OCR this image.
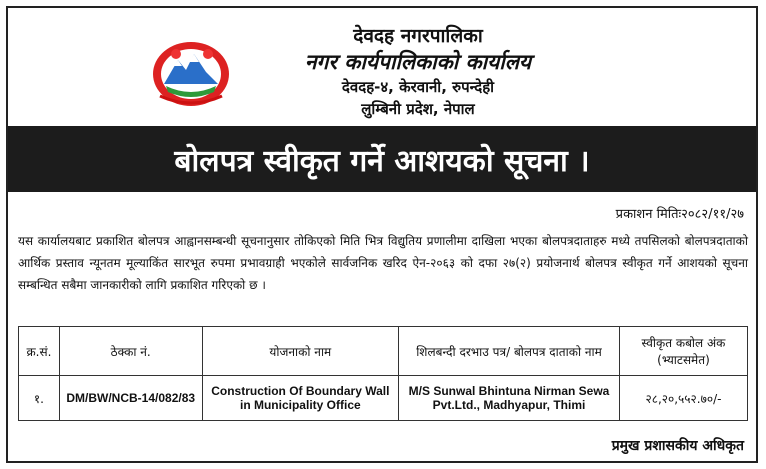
देवदह नगरपालिका
नगर कार्यपालिकाको कार्यालय
देवदह-४, केरवानी, रुपन्देही
लुम्बिनी प्रदेश, नेपाल
बोलपत्र स्वीकृत गर्ने आशयको सूचना ।
प्रकाशन मितिः२०८२/११/२७
यस कार्यालयबाट प्रकाशित बोलपत्र आह्वानसम्बन्धी सूचनानुसार तोकिएको मिति भित्र विद्युतिय प्रणालीमा दाखिला भएका बोलपत्रदाताहरु मध्ये तपसिलको बोलपत्रदाताको आर्थिक प्रस्ताव न्यूनतम मूल्याकिंत सारभूत रुपमा प्रभावग्राही भएकोले सार्वजनिक खरिद ऐन-२०६३ को दफा २७(२) प्रयोजनार्थ बोलपत्र स्वीकृत गर्ने आशयको सूचना सम्बन्धित सबैमा जानकारीको लागि प्रकाशित गरिएको छ ।
क्र.सं.	ठेक्का नं.	योजनाको नाम	शिलबन्दी दरभाउ पत्र/ बोलपत्र दाताको नाम	स्वीकृत कबोल अंक (भ्याटसमेत)
१.	DM/BW/NCB-14/082/83	Construction Of Boundary Wall in Municipality Office	M/S Sunwal Bhintuna Nirman Sewa Pvt.Ltd., Madhyapur, Thimi	२८,२०,५५२.७०/-
प्रमुख प्रशासकीय अधिकृत
